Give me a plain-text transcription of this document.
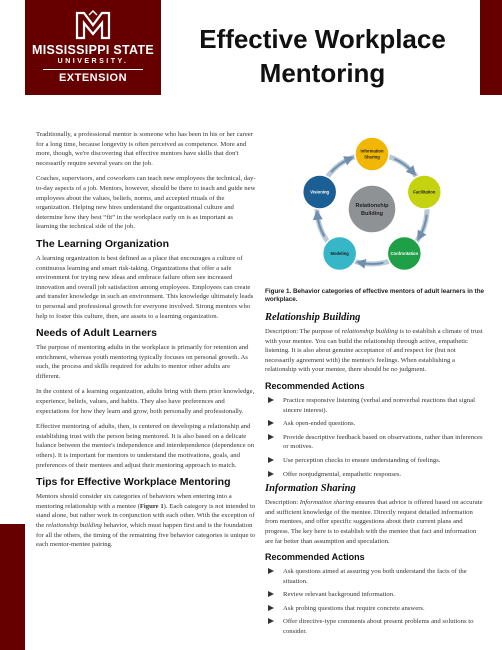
MISSISSIPPI STATE
UNIVERSITY.
EXTENSION
Effective Workplace
Mentoring

Traditionally, a professional mentor is someone who has been in his or her career for a long time, because longevity is often perceived as competence. More and more, though, we're discovering that effective mentors have skills that don't necessarily require several years on the job.

Coaches, supervisors, and coworkers can teach new employees the technical, day-to-day aspects of a job. Mentors, however, should be there to teach and guide new employees about the values, beliefs, norms, and accepted rituals of the organization. Helping new hires understand the organizational culture and determine how they best “fit” in the workplace early on is as important as learning the technical side of the job.

The Learning Organization

A learning organization is best defined as a place that encourages a culture of continuous learning and smart risk-taking. Organizations that offer a safe environment for trying new ideas and embrace failure often see increased innovation and overall job satisfaction among employees. Employees can create and transfer knowledge in such an environment. This knowledge ultimately leads to personal and professional growth for everyone involved. Strong mentors who help to foster this culture, then, are assets to a learning organization.

Needs of Adult Learners

The purpose of mentoring adults in the workplace is primarily for retention and enrichment, whereas youth mentoring typically focuses on personal growth. As such, the process and skills required for adults to mentor other adults are different.

In the context of a learning organization, adults bring with them prior knowledge, experience, beliefs, values, and habits. They also have preferences and expectations for how they learn and grow, both personally and professionally.

Effective mentoring of adults, then, is centered on developing a relationship and establishing trust with the person being mentored. It is also based on a delicate balance between the mentee's independence and interdependence (dependence on others). It is important for mentors to understand the motivations, goals, and preferences of their mentees and adjust their mentoring approach to match.

Tips for Effective Workplace Mentoring

Mentors should consider six categories of behaviors when entering into a mentoring relationship with a mentee (Figure 1). Each category is not intended to stand alone, but rather work in conjunction with each other. With the exception of the relationship building behavior, which must happen first and is the foundation for all the others, the timing of the remaining five behavior categories is unique to each mentor-mentee pairing.

Relationship
Building
Information
Sharing
Facilitation
Confrontation
Modeling
Visioning
Figure 1. Behavior categories of effective mentors of adult learners in the workplace.
Relationship Building

Description: The purpose of relationship building is to establish a climate of trust with your mentee. You can build the relationship through active, empathetic listening. It is also about genuine acceptance of and respect for (but not necessarily agreement with) the mentee's feelings. When establishing a relationship with your mentee, there should be no judgment.

Recommended Actions
Practice responsive listening (verbal and nonverbal reactions that signal sincere interest).
Ask open-ended questions.
Provide descriptive feedback based on observations, rather than inferences or motives.
Use perception checks to ensure understanding of feelings.
Offer nonjudgmental, empathetic responses.
Information Sharing

Description: Information sharing ensures that advice is offered based on accurate and sufficient knowledge of the mentee. Directly request detailed information from mentees, and offer specific suggestions about their current plans and progress. The key here is to establish with the mentee that fact and information are far better than assumption and speculation.

Recommended Actions
Ask questions aimed at assuring you both understand the facts of the situation.
Review relevant background information.
Ask probing questions that require concrete answers.
Offer directive-type comments about present problems and solutions to consider.
